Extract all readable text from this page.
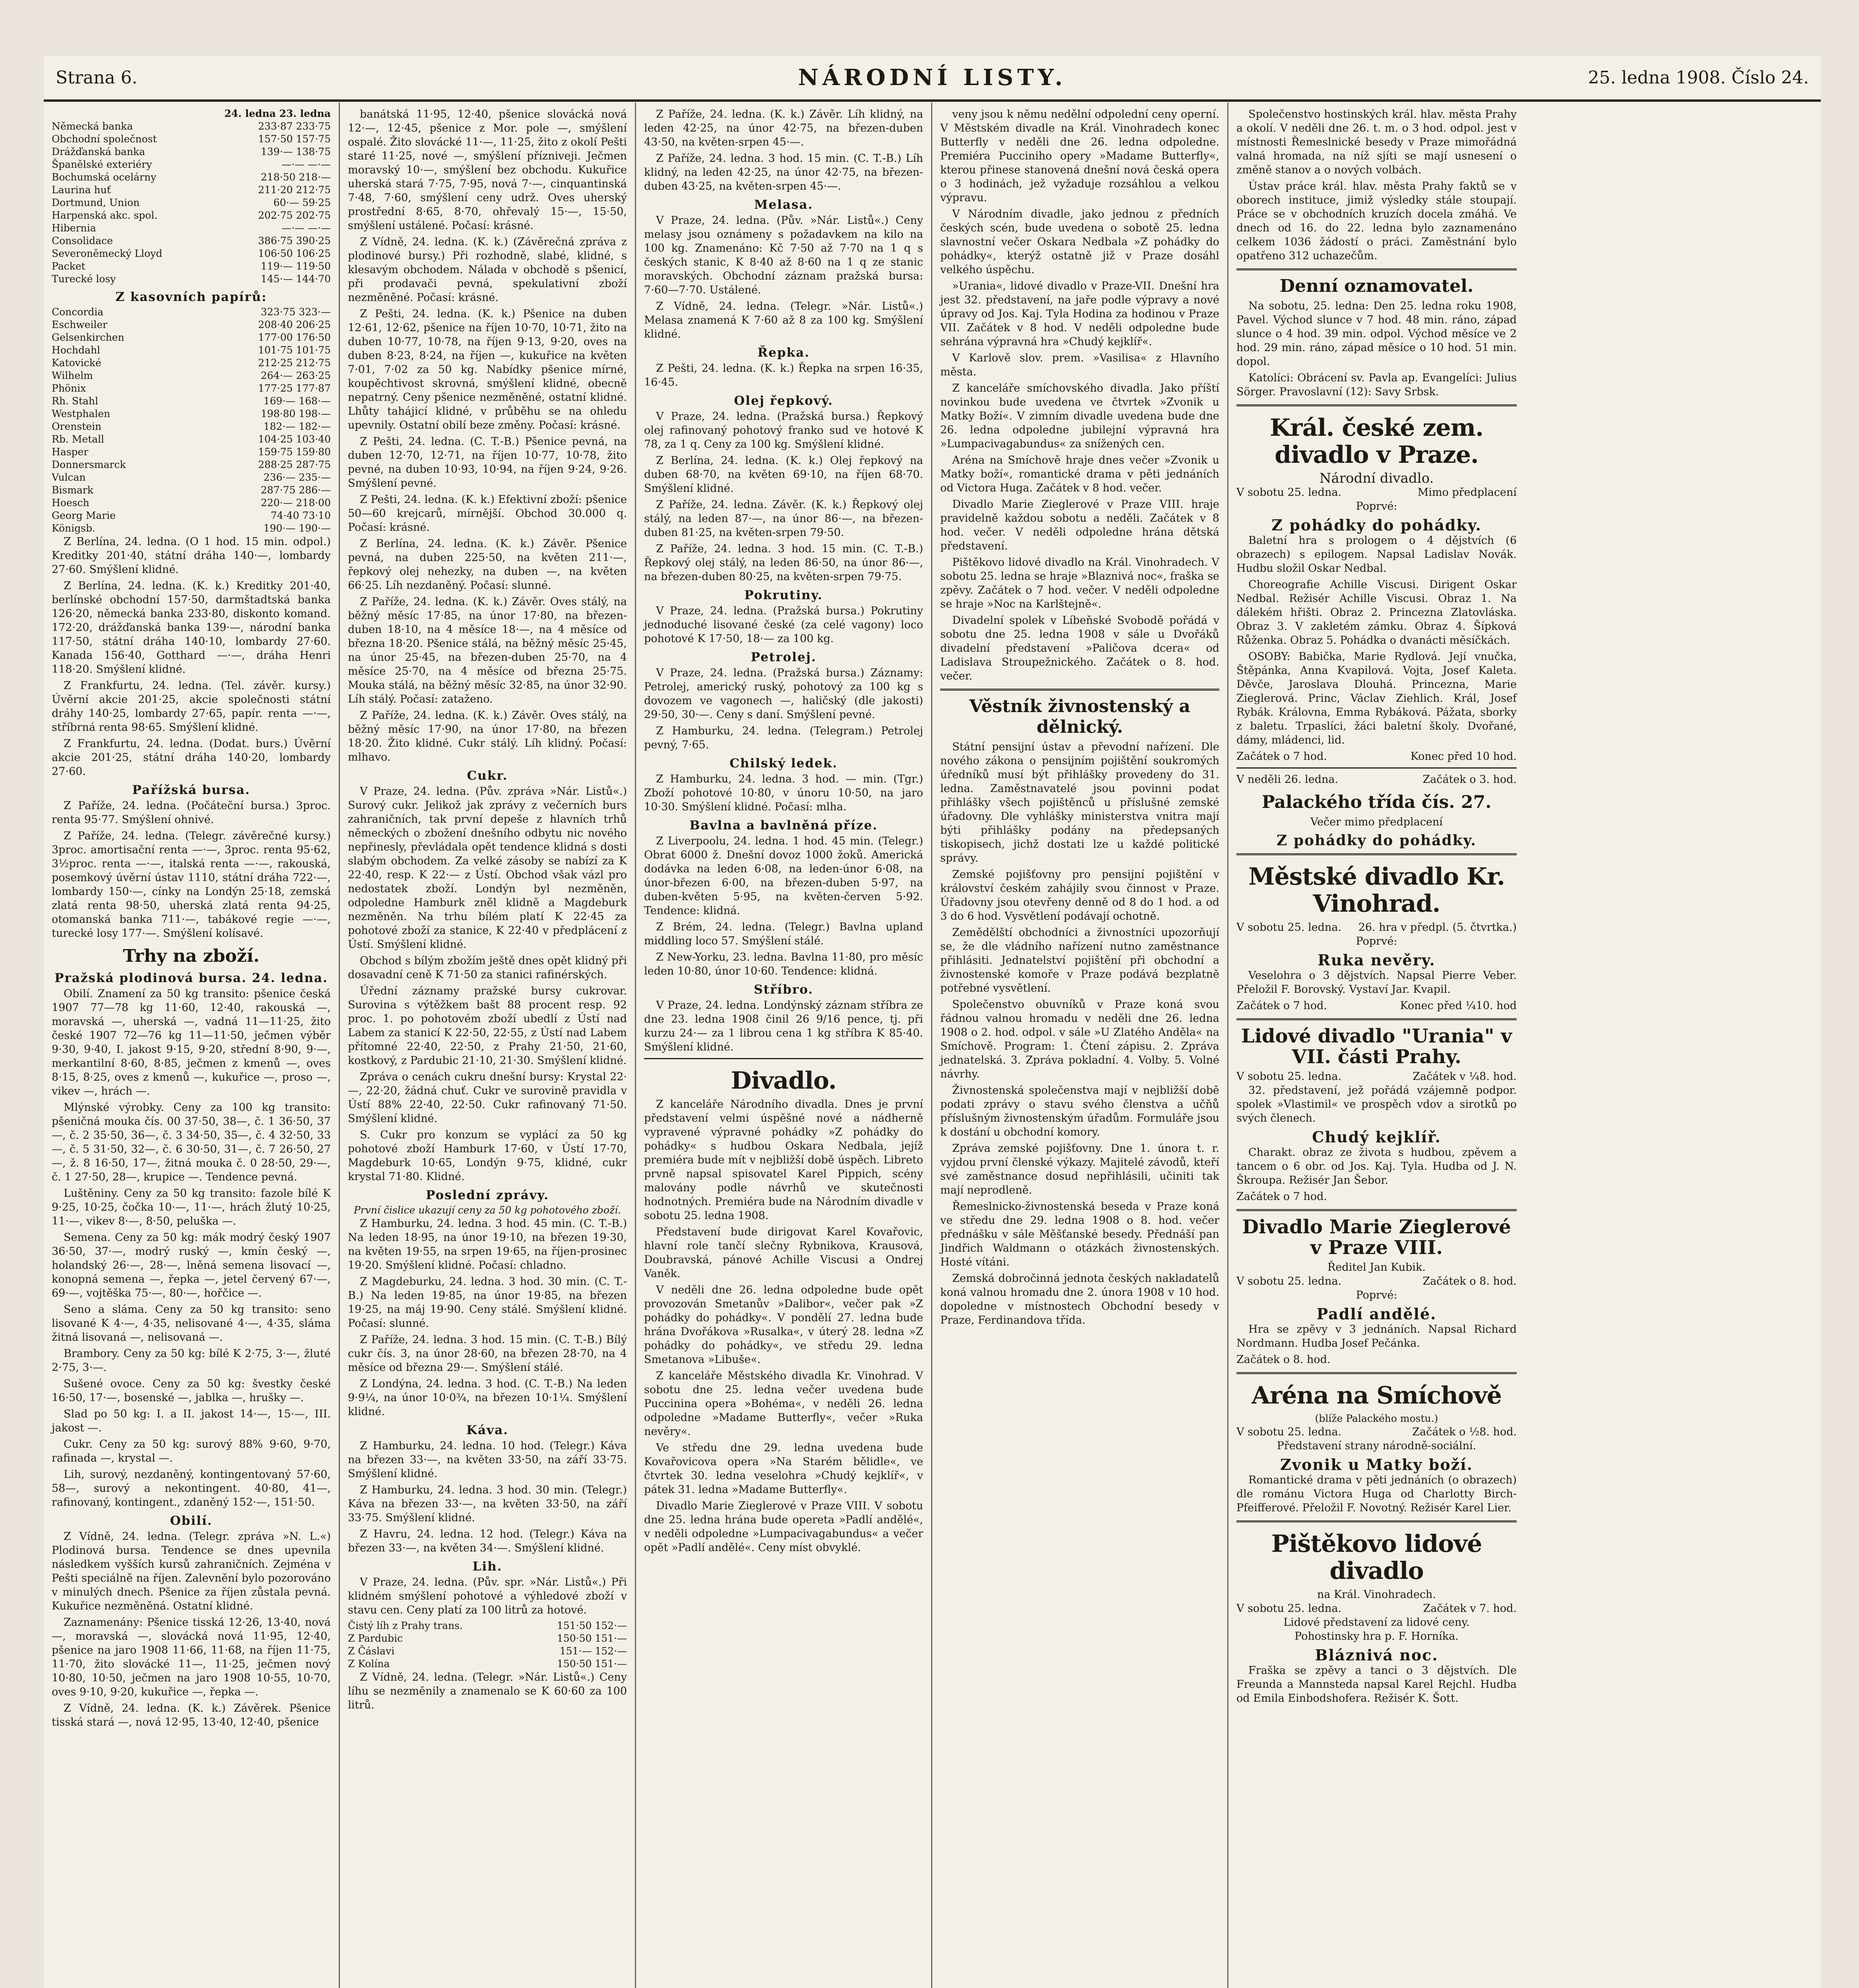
Strana 6.	NÁRODNÍ LISTY.	25. ledna 1908. Číslo 24.
24. ledna 23. ledna
Německá banka	233·87 233·75
Obchodní společnost	157·50 157·75
Drážďanská banka	139·— 138·75
Španělské exteriéry	—·— —·—
Bochumská ocelárny	218·50 218·—
Laurina huť	211·20 212·75
Dortmund, Union	60·— 59·25
Harpenská akc. spol.	202·75 202·75
Hibernia	—·— —·—
Consolidace	386·75 390·25
Severoněmecký Lloyd	106·50 106·25
Packet	119·— 119·50
Turecké losy	145·— 144·70
Z kasovních papírů:
Concordia	323·75 323·—
Eschweiler	208·40 206·25
Gelsenkirchen	177·00 176·50
Hochdahl	101·75 101·75
Katovické	212·25 212·75
Wilhelm	264·— 263·25
Phönix	177·25 177·87
Rh. Stahl	169·— 168·—
Westphalen	198·80 198·—
Orenstein	182·— 182·—
Rb. Metall	104·25 103·40
Hasper	159·75 159·80
Donnersmarck	288·25 287·75
Vulcan	236·— 235·—
Bismark	287·75 286·—
Hoesch	220·— 218·00
Georg Marie	74·40 73·10
Königsb.	190·— 190·—

Z Berlína, 24. ledna. (O 1 hod. 15 min. odpol.) Kreditky 201·40, státní dráha 140·—, lombardy 27·60. Smýšlení klidné.

Z Berlína, 24. ledna. (K. k.) Kreditky 201·40, berlínské obchodní 157·50, darmštadtská banka 126·20, německá banka 233·80, diskonto komand. 172·20, drážďanská banka 139·—, národní banka 117·50, státní dráha 140·10, lombardy 27·60. Kanada 156·40, Gotthard —·—, dráha Henri 118·20. Smýšlení klidné.

Z Frankfurtu, 24. ledna. (Tel. závěr. kursy.) Úvěrní akcie 201·25, akcie společnosti státní dráhy 140·25, lombardy 27·65, papír. renta —·—, stříbrná renta 98·65. Smýšlení klidné.

Z Frankfurtu, 24. ledna. (Dodat. burs.) Úvěrní akcie 201·25, státní dráha 140·20, lombardy 27·60.

Pařížská bursa.

Z Paříže, 24. ledna. (Počáteční bursa.) 3proc. renta 95·77. Smýšlení ohnivé.

Z Paříže, 24. ledna. (Telegr. závěrečné kursy.) 3proc. amortisační renta —·—, 3proc. renta 95·62, 3½proc. renta —·—, italská renta —·—, rakouská, posemkový úvěrní ústav 1110, státní dráha 722·—, lombardy 150·—, cínky na Londýn 25·18, zemská zlatá renta 98·50, uherská zlatá renta 94·25, otomanská banka 711·—, tabákové regie —·—, turecké losy 177·—. Smýšlení kolísavé.

Trhy na zboží.
Pražská plodinová bursa. 24. ledna.

Obilí. Znamení za 50 kg transito: pšenice česká 1907 77—78 kg 11·60, 12·40, rakouská —, moravská —, uherská —, vadná 11—11·25, žito české 1907 72—76 kg 11—11·50, ječmen výběr 9·30, 9·40, I. jakost 9·15, 9·20, střední 8·90, 9·—, merkantilní 8·60, 8·85, ječmen z kmenů —, oves 8·15, 8·25, oves z kmenů —, kukuřice —, proso —, vikev —, hrách —.

Mlýnské výrobky. Ceny za 100 kg transito: pšeničná mouka čís. 00 37·50, 38—, č. 1 36·50, 37—, č. 2 35·50, 36—, č. 3 34·50, 35—, č. 4 32·50, 33—, č. 5 31·50, 32—, č. 6 30·50, 31—, č. 7 26·50, 27—, ž. 8 16·50, 17—, žitná mouka č. 0 28·50, 29·—, č. 1 27·50, 28—, krupice —. Tendence pevná.

Luštěniny. Ceny za 50 kg transito: fazole bílé K 9·25, 10·25, čočka 10·—, 11·—, hrách žlutý 10·25, 11·—, vikev 8·—, 8·50, peluška —.

Semena. Ceny za 50 kg: mák modrý český 1907 36·50, 37·—, modrý ruský —, kmín český —, holandský 26·—, 28·—, lněná semena lisovací —, konopná semena —, řepka —, jetel červený 67·—, 69·—, vojtěška 75·—, 80·—, hořčice —.

Seno a sláma. Ceny za 50 kg transito: seno lisované K 4·—, 4·35, nelisované 4·—, 4·35, sláma žitná lisovaná —, nelisovaná —.

Brambory. Ceny za 50 kg: bílé K 2·75, 3·—, žluté 2·75, 3·—.

Sušené ovoce. Ceny za 50 kg: švestky české 16·50, 17·—, bosenské —, jablka —, hrušky —.

Slad po 50 kg: I. a II. jakost 14·—, 15·—, III. jakost —.

Cukr. Ceny za 50 kg: surový 88% 9·60, 9·70, rafinada —, krystal —.

Lih, surový, nezdaněný, kontingentovaný 57·60, 58—, surový a nekontingent. 40·80, 41—, rafinovaný, kontingent., zdaněný 152·—, 151·50.

Obilí.

Z Vídně, 24. ledna. (Telegr. zpráva »N. L.«) Plodinová bursa. Tendence se dnes upevnila následkem vyšších kursů zahraničních. Zejména v Pešti speciálně na říjen. Zalevnění bylo pozorováno v minulých dnech. Pšenice za říjen zůstala pevná. Kukuřice nezměněná. Ostatní klidné.

Zaznamenány: Pšenice tisská 12·26, 13·40, nová —, moravská —, slovácká nová 11·95, 12·40, pšenice na jaro 1908 11·66, 11·68, na říjen 11·75, 11·70, žito slovácké 11—, 11·25, ječmen nový 10·80, 10·50, ječmen na jaro 1908 10·55, 10·70, oves 9·10, 9·20, kukuřice —, řepka —.

Z Vídně, 24. ledna. (K. k.) Závěrek. Pšenice tisská stará —, nová 12·95, 13·40, 12·40, pšenice

banátská 11·95, 12·40, pšenice slovácká nová 12·—, 12·45, pšenice z Mor. pole —, smýšlení ospalé. Žito slovácké 11·—, 11·25, žito z okolí Pešti staré 11·25, nové —, smýšlení přízniveji. Ječmen moravský 10·—, smýšlení bez obchodu. Kukuřice uherská stará 7·75, 7·95, nová 7·—, cinquantinská 7·48, 7·60, smýšlení ceny udrž. Oves uherský prostřední 8·65, 8·70, ohřevalý 15·—, 15·50, smýšlení ustálené. Počasí: krásné.

Z Vídně, 24. ledna. (K. k.) (Závěrečná zpráva z plodinové bursy.) Při rozhodně, slabé, klidné, s klesavým obchodem. Nálada v obchodě s pšenicí, při prodavači pevná, spekulativní zboží nezměněné. Počasí: krásné.

Z Pešti, 24. ledna. (K. k.) Pšenice na duben 12·61, 12·62, pšenice na říjen 10·70, 10·71, žito na duben 10·77, 10·78, na říjen 9·13, 9·20, oves na duben 8·23, 8·24, na říjen —, kukuřice na květen 7·01, 7·02 za 50 kg. Nabídky pšenice mírné, koupěchtivost skrovná, smýšlení klidné, obecně nepatrný. Ceny pšenice nezměněné, ostatní klidné. Lhůty tahájicí klidné, v průběhu se na ohledu upevnily. Ostatní obilí beze změny. Počasí: krásné.

Z Pešti, 24. ledna. (C. T.-B.) Pšenice pevná, na duben 12·70, 12·71, na říjen 10·77, 10·78, žito pevné, na duben 10·93, 10·94, na říjen 9·24, 9·26. Smýšlení pevné.

Z Pešti, 24. ledna. (K. k.) Efektivní zboží: pšenice 50—60 krejcarů, mírnější. Obchod 30.000 q. Počasí: krásné.

Z Berlína, 24. ledna. (K. k.) Závěr. Pšenice pevná, na duben 225·50, na květen 211·—, řepkový olej nehezky, na duben —, na květen 66·25. Líh nezdaněný. Počasí: slunné.

Z Paříže, 24. ledna. (K. k.) Závěr. Oves stálý, na běžný měsíc 17·85, na únor 17·80, na březen-duben 18·10, na 4 měsíce 18·—, na 4 měsíce od března 18·20. Pšenice stálá, na běžný měsíc 25·45, na únor 25·45, na březen-duben 25·70, na 4 měsíce 25·70, na 4 měsíce od března 25·75. Mouka stálá, na běžný měsíc 32·85, na únor 32·90. Líh stálý. Počasí: zataženo.

Z Paříže, 24. ledna. (K. k.) Závěr. Oves stálý, na běžný měsíc 17·90, na únor 17·80, na březen 18·20. Žito klidné. Cukr stálý. Líh klidný. Počasí: mlhavo.

Cukr.

V Praze, 24. ledna. (Pův. zpráva »Nár. Listů«.) Surový cukr. Jelikož jak zprávy z večerních burs zahraničních, tak první depeše z hlavních trhů německých o zbožení dnešního odbytu nic nového nepřinesly, převládala opět tendence klidná s dosti slabým obchodem. Za velké zásoby se nabízí za K 22·40, resp. K 22·— z Ústí. Obchod však vázl pro nedostatek zboží. Londýn byl nezměněn, odpoledne Hamburk zněl klidně a Magdeburk nezměněn. Na trhu bílém platí K 22·45 za pohotové zboží za stanice, K 22·40 v předplácení z Ústí. Smýšlení klidné.

Obchod s bílým zbožím ještě dnes opět klidný při dosavadní ceně K 71·50 za stanici rafinérských.

Úřední záznamy pražské bursy cukrovar. Surovina s výtěžkem bašt 88 procent resp. 92 proc. 1. po pohotovém zboží ubedlí z Ústí nad Labem za stanicí K 22·50, 22·55, z Ústí nad Labem přítomné 22·40, 22·50, z Prahy 21·50, 21·60, kostkový, z Pardubic 21·10, 21·30. Smýšlení klidné.

Zpráva o cenách cukru dnešní bursy: Krystal 22·—, 22·20, žádná chuť. Cukr ve surovině pravidla v Ústí 88% 22·40, 22·50. Cukr rafinovaný 71·50. Smýšlení klidné.

S. Cukr pro konzum se vyplácí za 50 kg pohotové zboží Hamburk 17·60, v Ústí 17·70, Magdeburk 10·65, Londýn 9·75, klidné, cukr krystal 71·80. Klidné.

Poslední zprávy.
První čislice ukazují ceny za 50 kg pohotového zboží.

Z Hamburku, 24. ledna. 3 hod. 45 min. (C. T.-B.) Na leden 18·95, na únor 19·10, na březen 19·30, na květen 19·55, na srpen 19·65, na říjen-prosinec 19·20. Smýšlení klidné. Počasí: chladno.

Z Magdeburku, 24. ledna. 3 hod. 30 min. (C. T.-B.) Na leden 19·85, na únor 19·85, na březen 19·25, na máj 19·90. Ceny stálé. Smýšlení klidné. Počasí: slunné.

Z Paříže, 24. ledna. 3 hod. 15 min. (C. T.-B.) Bílý cukr čís. 3, na únor 28·60, na březen 28·70, na 4 měsíce od března 29·—. Smýšlení stálé.

Z Londýna, 24. ledna. 3 hod. (C. T.-B.) Na leden 9·9¼, na únor 10·0¾, na březen 10·1¼. Smýšlení klidné.

Káva.

Z Hamburku, 24. ledna. 10 hod. (Telegr.) Káva na březen 33·—, na květen 33·50, na září 33·75. Smýšlení klidné.

Z Hamburku, 24. ledna. 3 hod. 30 min. (Telegr.) Káva na březen 33·—, na květen 33·50, na září 33·75. Smýšlení klidné.

Z Havru, 24. ledna. 12 hod. (Telegr.) Káva na březen 33·—, na květen 34·—. Smýšlení klidné.

Lih.

V Praze, 24. ledna. (Pův. spr. »Nár. Listů«.) Při klidném smýšlení pohotové a výhledové zboží v stavu cen. Ceny platí za 100 litrů za hotové.

Čistý líh z Prahy trans.	151·50 152·—
Z Pardubic	150·50 151·—
Z Čáslavi	151·— 152·—
Z Kolína	150·50 151·—

Z Vídně, 24. ledna. (Telegr. »Nár. Listů«.) Ceny líhu se nezměnily a znamenalo se K 60·60 za 100 litrů.

Z Paříže, 24. ledna. (K. k.) Závěr. Líh klidný, na leden 42·25, na únor 42·75, na březen-duben 43·50, na květen-srpen 45·—.

Z Paříže, 24. ledna. 3 hod. 15 min. (C. T.-B.) Líh klidný, na leden 42·25, na únor 42·75, na březen-duben 43·25, na květen-srpen 45·—.

Melasa.

V Praze, 24. ledna. (Pův. »Nár. Listů«.) Ceny melasy jsou oznámeny s požadavkem na kilo na 100 kg. Znamenáno: Kč 7·50 až 7·70 na 1 q s českých stanic, K 8·40 až 8·60 na 1 q ze stanic moravských. Obchodní záznam pražská bursa: 7·60—7·70. Ustálené.

Z Vídně, 24. ledna. (Telegr. »Nár. Listů«.) Melasa znamená K 7·60 až 8 za 100 kg. Smýšlení klidné.

Řepka.

Z Pešti, 24. ledna. (K. k.) Řepka na srpen 16·35, 16·45.

Olej řepkový.

V Praze, 24. ledna. (Pražská bursa.) Řepkový olej rafinovaný pohotový franko sud ve hotové K 78, za 1 q. Ceny za 100 kg. Smýšlení klidné.

Z Berlína, 24. ledna. (K. k.) Olej řepkový na duben 68·70, na květen 69·10, na říjen 68·70. Smýšlení klidné.

Z Paříže, 24. ledna. Závěr. (K. k.) Řepkový olej stálý, na leden 87·—, na únor 86·—, na březen-duben 81·25, na květen-srpen 79·50.

Z Paříže, 24. ledna. 3 hod. 15 min. (C. T.-B.) Řepkový olej stálý, na leden 86·50, na únor 86·—, na březen-duben 80·25, na květen-srpen 79·75.

Pokrutiny.

V Praze, 24. ledna. (Pražská bursa.) Pokrutiny jednoduché lisované české (za celé vagony) loco pohotové K 17·50, 18·— za 100 kg.

Petrolej.

V Praze, 24. ledna. (Pražská bursa.) Záznamy: Petrolej, americký ruský, pohotový za 100 kg s dovozem ve vagonech —, haličský (dle jakosti) 29·50, 30·—. Ceny s daní. Smýšlení pevné.

Z Hamburku, 24. ledna. (Telegram.) Petrolej pevný, 7·65.

Chilský ledek.

Z Hamburku, 24. ledna. 3 hod. — min. (Tgr.) Zboží pohotové 10·80, v únoru 10·50, na jaro 10·30. Smýšlení klidné. Počasí: mlha.

Bavlna a bavlněná příze.

Z Liverpoolu, 24. ledna. 1 hod. 45 min. (Telegr.) Obrat 6000 ž. Dnešní dovoz 1000 žoků. Americká dodávka na leden 6·08, na leden-únor 6·08, na únor-březen 6·00, na březen-duben 5·97, na duben-květen 5·95, na květen-červen 5·92. Tendence: klidná.

Z Brém, 24. ledna. (Telegr.) Bavlna upland middling loco 57. Smýšlení stálé.

Z New-Yorku, 23. ledna. Bavlna 11·80, pro měsíc leden 10·80, únor 10·60. Tendence: klidná.

Stříbro.

V Praze, 24. ledna. Londýnský záznam stříbra ze dne 23. ledna 1908 činil 26 9/16 pence, tj. při kurzu 24·— za 1 librou cena 1 kg stříbra K 85·40. Smýšlení klidné.

Divadlo.

Z kanceláře Národního divadla. Dnes je první představení velmi úspěšné nové a nádherně vypravené výpravné pohádky »Z pohádky do pohádky« s hudbou Oskara Nedbala, jejíž premiéra bude mít v nejbližší době úspěch. Libreto prvně napsal spisovatel Karel Pippich, scény malovány podle návrhů ve skutečnosti hodnotných. Premiéra bude na Národním divadle v sobotu 25. ledna 1908.

Představení bude dirigovat Karel Kovařovic, hlavní role tančí slečny Rybnikova, Krausová, Doubravská, pánové Achille Viscusi a Ondrej Vaněk.

V neděli dne 26. ledna odpoledne bude opět provozován Smetanův »Dalibor«, večer pak »Z pohádky do pohádky«. V pondělí 27. ledna bude hrána Dvořákova »Rusalka«, v úterý 28. ledna »Z pohádky do pohádky«, ve středu 29. ledna Smetanova »Libuše«.

Z kanceláře Městského divadla Kr. Vinohrad. V sobotu dne 25. ledna večer uvedena bude Puccinina opera »Bohéma«, v neděli 26. ledna odpoledne »Madame Butterfly«, večer »Ruka nevěry«.

Ve středu dne 29. ledna uvedena bude Kovařovicova opera »Na Starém bělidle«, ve čtvrtek 30. ledna veselohra »Chudý kejklíř«, v pátek 31. ledna »Madame Butterfly«.

Divadlo Marie Zieglerové v Praze VIII. V sobotu dne 25. ledna hrána bude opereta »Padlí andělé«, v neděli odpoledne »Lumpacivagabundus« a večer opět »Padlí andělé«. Ceny míst obvyklé.

veny jsou k němu nedělní odpolední ceny operní. V Městském divadle na Král. Vinohradech konec Butterfly v neděli dne 26. ledna odpoledne. Premiéra Pucciniho opery »Madame Butterfly«, kterou přinese stanovená dnešní nová česká opera o 3 hodinách, jež vyžaduje rozsáhlou a velkou výpravu.

V Národním divadle, jako jednou z předních českých scén, bude uvedena o sobotě 25. ledna slavnostní večer Oskara Nedbala »Z pohádky do pohádky«, kterýž ostatně již v Praze dosáhl velkého úspěchu.

»Urania«, lidové divadlo v Praze-VII. Dnešní hra jest 32. představení, na jaře podle výpravy a nové úpravy od Jos. Kaj. Tyla Hodina za hodinou v Praze VII. Začátek v 8 hod. V neděli odpoledne bude sehrána výpravná hra »Chudý kejklíř«.

V Karlově slov. prem. »Vasilisa« z Hlavního města.

Z kanceláře smíchovského divadla. Jako příští novinkou bude uvedena ve čtvrtek »Zvonik u Matky Boží«. V zimním divadle uvedena bude dne 26. ledna odpoledne jubilejní výpravná hra »Lumpacivagabundus« za snížených cen.

Aréna na Smíchově hraje dnes večer »Zvonik u Matky boží«, romantické drama v pěti jednáních od Victora Huga. Začátek v 8 hod. večer.

Divadlo Marie Zieglerové v Praze VIII. hraje pravidelně každou sobotu a neděli. Začátek v 8 hod. večer. V neděli odpoledne hrána dětská představení.

Pištěkovo lidové divadlo na Král. Vinohradech. V sobotu 25. ledna se hraje »Blaznivá noc«, fraška se zpěvy. Začátek o 7 hod. večer. V neděli odpoledne se hraje »Noc na Karlštejně«.

Divadelní spolek v Líbeňské Svobodě pořádá v sobotu dne 25. ledna 1908 v sále u Dvořáků divadelní představení »Paličova dcera« od Ladislava Stroupežnického. Začátek o 8. hod. večer.

Věstník živnostenský a dělnický.

Státní pensijní ústav a převodní nařízení. Dle nového zákona o pensijním pojištění soukromých úředníků musí být přihlášky provedeny do 31. ledna. Zaměstnavatelé jsou povinni podat přihlášky všech pojištěnců u příslušné zemské úřadovny. Dle vyhlášky ministerstva vnitra mají býti přihlášky podány na předepsaných tiskopisech, jichž dostati lze u každé politické správy.

Zemské pojišťovny pro pensijní pojištění v království českém zahájily svou činnost v Praze. Úřadovny jsou otevřeny denně od 8 do 1 hod. a od 3 do 6 hod. Vysvětlení podávají ochotně.

Zemědělští obchodníci a živnostníci upozorňují se, že dle vládního nařízení nutno zaměstnance přihlásiti. Jednatelství pojištění při obchodní a živnostenské komoře v Praze podává bezplatně potřebné vysvětlení.

Společenstvo obuvníků v Praze koná svou řádnou valnou hromadu v neděli dne 26. ledna 1908 o 2. hod. odpol. v sále »U Zlatého Anděla« na Smíchově. Program: 1. Čtení zápisu. 2. Zpráva jednatelská. 3. Zpráva pokladní. 4. Volby. 5. Volné návrhy.

Živnostenská společenstva mají v nejbližší době podati zprávy o stavu svého členstva a učňů příslušným živnostenským úřadům. Formuláře jsou k dostání u obchodní komory.

Zpráva zemské pojišťovny. Dne 1. února t. r. vyjdou první členské výkazy. Majitelé závodů, kteří své zaměstnance dosud nepřihlásili, učiniti tak mají neprodleně.

Řemeslnicko-živnostenská beseda v Praze koná ve středu dne 29. ledna 1908 o 8. hod. večer přednášku v sále Měšťanské besedy. Přednáší pan Jindřich Waldmann o otázkách živnostenských. Hosté vítáni.

Zemská dobročinná jednota českých nakladatelů koná valnou hromadu dne 2. února 1908 v 10 hod. dopoledne v místnostech Obchodní besedy v Praze, Ferdinandova třída.

Společenstvo hostinských král. hlav. města Prahy a okolí. V neděli dne 26. t. m. o 3 hod. odpol. jest v místnosti Řemeslnické besedy v Praze mimořádná valná hromada, na níž sjíti se mají usnesení o změně stanov a o nových volbách.

Ústav práce král. hlav. města Prahy faktů se v oborech instituce, jimiž výsledky stále stoupají. Práce se v obchodních kruzích docela zmáhá. Ve dnech od 16. do 22. ledna bylo zaznamenáno celkem 1036 žádostí o práci. Zaměstnání bylo opatřeno 312 uchazečům.

Denní oznamovatel.

Na sobotu, 25. ledna: Den 25. ledna roku 1908, Pavel. Východ slunce v 7 hod. 48 min. ráno, západ slunce o 4 hod. 39 min. odpol. Východ měsíce ve 2 hod. 29 min. ráno, západ měsíce o 10 hod. 51 min. dopol.

Katolíci: Obrácení sv. Pavla ap. Evangelíci: Julius Sörger. Pravoslavní (12): Savy Srbsk.

Král. české zem. divadlo v Praze.
Národní divadlo.
V sobotu 25. ledna.	Mimo předplacení
Poprvé:
Z pohádky do pohádky.

Baletní hra s prologem o 4 dějstvích (6 obrazech) s epilogem. Napsal Ladislav Novák. Hudbu složil Oskar Nedbal.

Choreografie Achille Viscusi. Dirigent Oskar Nedbal. Režisér Achille Viscusi. Obraz 1. Na dálekém hřišti. Obraz 2. Princezna Zlatovláska. Obraz 3. V zakletém zámku. Obraz 4. Šípková Růženka. Obraz 5. Pohádka o dvanácti měsíčkách.

OSOBY: Babička, Marie Rydlová. Její vnučka, Štěpánka, Anna Kvapilová. Vojta, Josef Kaleta. Děvče, Jaroslava Dlouhá. Princezna, Marie Zieglerová. Princ, Václav Ziehlich. Král, Josef Rybák. Královna, Emma Rybáková. Pážata, sborky z baletu. Trpaslíci, žáci baletní školy. Dvořané, dámy, mládenci, lid.

Začátek o 7 hod.	Konec před 10 hod.
V neděli 26. ledna.	Začátek o 3. hod.
Palackého třída čís. 27.
Večer mimo předplacení
Z pohádky do pohádky.
Městské divadlo Kr. Vinohrad.
V sobotu 25. ledna. 26. hra v předpl. (5. čtvrtka.)
Poprvé:
Ruka nevěry.

Veselohra o 3 dějstvích. Napsal Pierre Veber. Přeložil F. Borovský. Vystaví Jar. Kvapil.

Začátek o 7 hod.	Konec před ¼10. hod
Lidové divadlo "Urania" v VII. části Prahy.
V sobotu 25. ledna.	Začátek v ¼8. hod.

32. představení, jež pořádá vzájemně podpor. spolek »Vlastimil« ve prospěch vdov a sirotků po svých členech.

Chudý kejklíř.

Charakt. obraz ze života s hudbou, zpěvem a tancem o 6 obr. od Jos. Kaj. Tyla. Hudba od J. N. Škroupa. Režisér Jan Šebor.

Začátek o 7 hod.
Divadlo Marie Zieglerové v Praze VIII.
Ředitel Jan Kubik.
V sobotu 25. ledna.	Začátek o 8. hod.
Poprvé:
Padlí andělé.

Hra se zpěvy v 3 jednáních. Napsal Richard Nordmann. Hudba Josef Pečánka.

Začátek o 8. hod.
Aréna na Smíchově
(blíže Palackého mostu.)
V sobotu 25. ledna.	Začátek o ½8. hod.
Představení strany národně-sociální.
Zvonik u Matky boží.

Romantické drama v pěti jednáních (o obrazech) dle románu Victora Huga od Charlotty Birch-Pfeifferové. Přeložil F. Novotný. Režisér Karel Lier.

Pištěkovo lidové divadlo
na Král. Vinohradech.
V sobotu 25. ledna.	Začátek v 7. hod.
Lidové představení za lidové ceny.
Pohostinsky hra p. F. Horníka.
Bláznivá noc.

Fraška se zpěvy a tanci o 3 dějstvích. Dle Freunda a Mannsteda napsal Karel Rejchl. Hudba od Emila Einbodshofera. Režisér K. Šott.
